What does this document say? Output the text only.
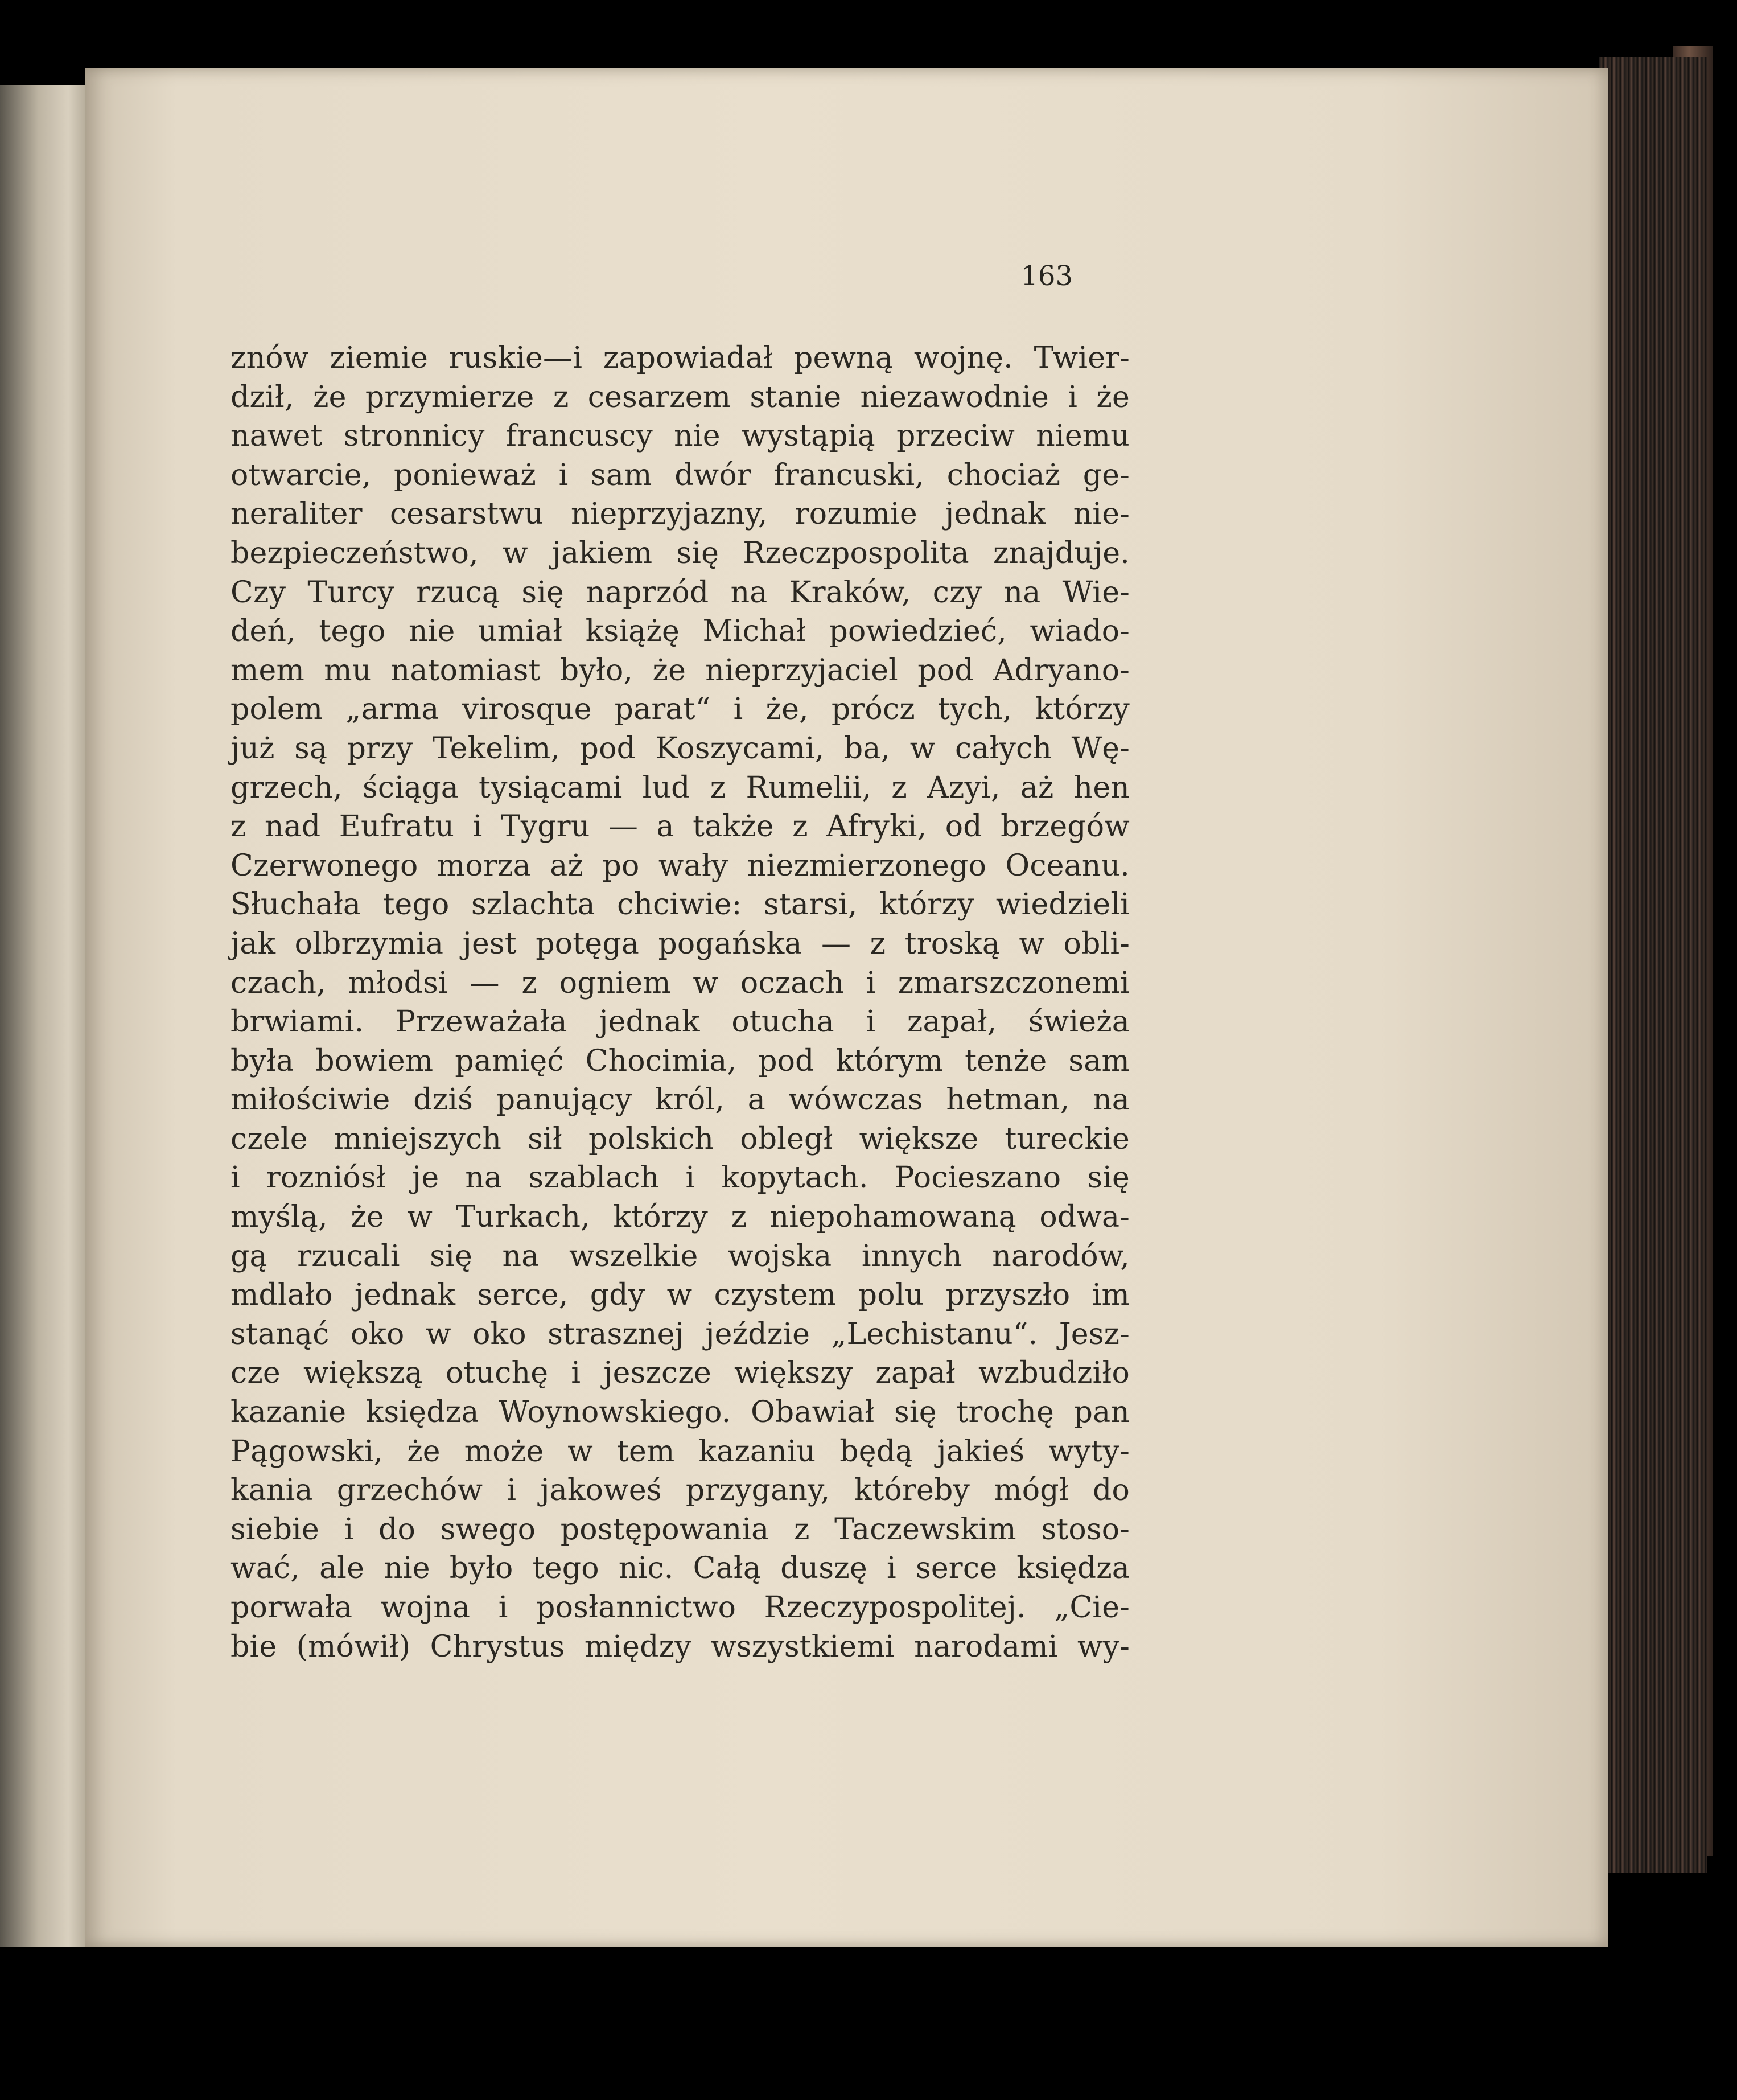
163
znów ziemie ruskie—i zapowiadał pewną wojnę. Twier-
dził, że przymierze z cesarzem stanie niezawodnie i że
nawet stronnicy francuscy nie wystąpią przeciw niemu
otwarcie, ponieważ i sam dwór francuski, chociaż ge-
neraliter cesarstwu nieprzyjazny, rozumie jednak nie-
bezpieczeństwo, w jakiem się Rzeczpospolita znajduje.
Czy Turcy rzucą się naprzód na Kraków, czy na Wie-
deń, tego nie umiał książę Michał powiedzieć, wiado-
mem mu natomiast było, że nieprzyjaciel pod Adryano-
polem „arma virosque parat“ i że, prócz tych, którzy
już są przy Tekelim, pod Koszycami, ba, w całych Wę-
grzech, ściąga tysiącami lud z Rumelii, z Azyi, aż hen
z nad Eufratu i Tygru — a także z Afryki, od brzegów
Czerwonego morza aż po wały niezmierzonego Oceanu.
Słuchała tego szlachta chciwie: starsi, którzy wiedzieli
jak olbrzymia jest potęga pogańska — z troską w obli-
czach, młodsi — z ogniem w oczach i zmarszczonemi
brwiami. Przeważała jednak otucha i zapał, świeża
była bowiem pamięć Chocimia, pod którym tenże sam
miłościwie dziś panujący król, a wówczas hetman, na
czele mniejszych sił polskich obległ większe tureckie
i rozniósł je na szablach i kopytach. Pocieszano się
myślą, że w Turkach, którzy z niepohamowaną odwa-
gą rzucali się na wszelkie wojska innych narodów,
mdlało jednak serce, gdy w czystem polu przyszło im
stanąć oko w oko strasznej jeździe „Lechistanu“. Jesz-
cze większą otuchę i jeszcze większy zapał wzbudziło
kazanie księdza Woynowskiego. Obawiał się trochę pan
Pągowski, że może w tem kazaniu będą jakieś wyty-
kania grzechów i jakoweś przygany, któreby mógł do
siebie i do swego postępowania z Taczewskim stoso-
wać, ale nie było tego nic. Całą duszę i serce księdza
porwała wojna i posłannictwo Rzeczypospolitej. „Cie-
bie (mówił) Chrystus między wszystkiemi narodami wy-
